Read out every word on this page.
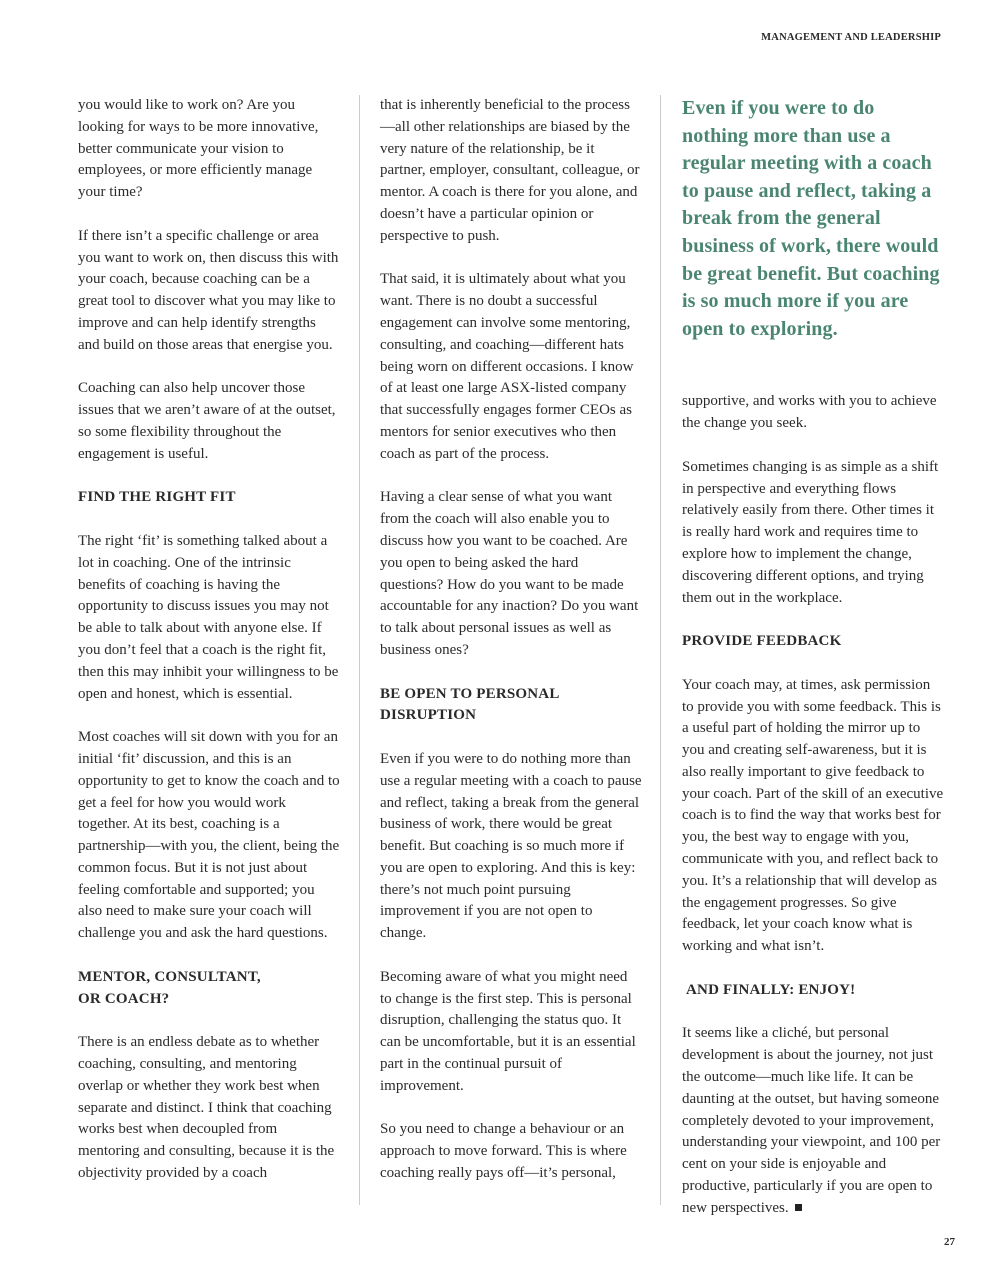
MANAGEMENT AND LEADERSHIP

you would like to work on? Are you looking for ways to be more innovative, better communicate your vision to employees, or more efficiently manage your time?

If there isn’t a specific challenge or area you want to work on, then discuss this with your coach, because coaching can be a great tool to discover what you may like to improve and can help identify strengths and build on those areas that energise you.

Coaching can also help uncover those issues that we aren’t aware of at the outset, so some flexibility throughout the engagement is useful.

FIND THE RIGHT FIT

The right ‘fit’ is something talked about a lot in coaching. One of the intrinsic benefits of coaching is having the opportunity to discuss issues you may not be able to talk about with anyone else. If you don’t feel that a coach is the right fit, then this may inhibit your willingness to be open and honest, which is essential.

Most coaches will sit down with you for an initial ‘fit’ discussion, and this is an opportunity to get to know the coach and to get a feel for how you would work together. At its best, coaching is a partnership—with you, the client, being the common focus. But it is not just about feeling comfortable and supported; you also need to make sure your coach will challenge you and ask the hard questions.

MENTOR, CONSULTANT, OR COACH?

There is an endless debate as to whether coaching, consulting, and mentoring overlap or whether they work best when separate and distinct. I think that coaching works best when decoupled from mentoring and consulting, because it is the objectivity provided by a coach

that is inherently beneficial to the process—all other relationships are biased by the very nature of the relationship, be it partner, employer, consultant, colleague, or mentor. A coach is there for you alone, and doesn’t have a particular opinion or perspective to push.

That said, it is ultimately about what you want. There is no doubt a successful engagement can involve some mentoring, consulting, and coaching—different hats being worn on different occasions. I know of at least one large ASX-listed company that successfully engages former CEOs as mentors for senior executives who then coach as part of the process.

Having a clear sense of what you want from the coach will also enable you to discuss how you want to be coached. Are you open to being asked the hard questions? How do you want to be made accountable for any inaction? Do you want to talk about personal issues as well as business ones?

BE OPEN TO PERSONAL DISRUPTION

Even if you were to do nothing more than use a regular meeting with a coach to pause and reflect, taking a break from the general business of work, there would be great benefit. But coaching is so much more if you are open to exploring. And this is key: there’s not much point pursuing improvement if you are not open to change.

Becoming aware of what you might need to change is the first step. This is personal disruption, challenging the status quo. It can be uncomfortable, but it is an essential part in the continual pursuit of improvement.

So you need to change a behaviour or an approach to move forward. This is where coaching really pays off—it’s personal,

Even if you were to do nothing more than use a regular meeting with a coach to pause and reflect, taking a break from the general business of work, there would be great benefit. But coaching is so much more if you are open to exploring.

supportive, and works with you to achieve the change you seek.

Sometimes changing is as simple as a shift in perspective and everything flows relatively easily from there. Other times it is really hard work and requires time to explore how to implement the change, discovering different options, and trying them out in the workplace.

PROVIDE FEEDBACK

Your coach may, at times, ask permission to provide you with some feedback. This is a useful part of holding the mirror up to you and creating self-awareness, but it is also really important to give feedback to your coach. Part of the skill of an executive coach is to find the way that works best for you, the best way to engage with you, communicate with you, and reflect back to you. It’s a relationship that will develop as the engagement progresses. So give feedback, let your coach know what is working and what isn’t.

AND FINALLY: ENJOY!

It seems like a cliché, but personal development is about the journey, not just the outcome—much like life. It can be daunting at the outset, but having someone completely devoted to your improvement, understanding your viewpoint, and 100 per cent on your side is enjoyable and productive, particularly if you are open to new perspectives.

27
